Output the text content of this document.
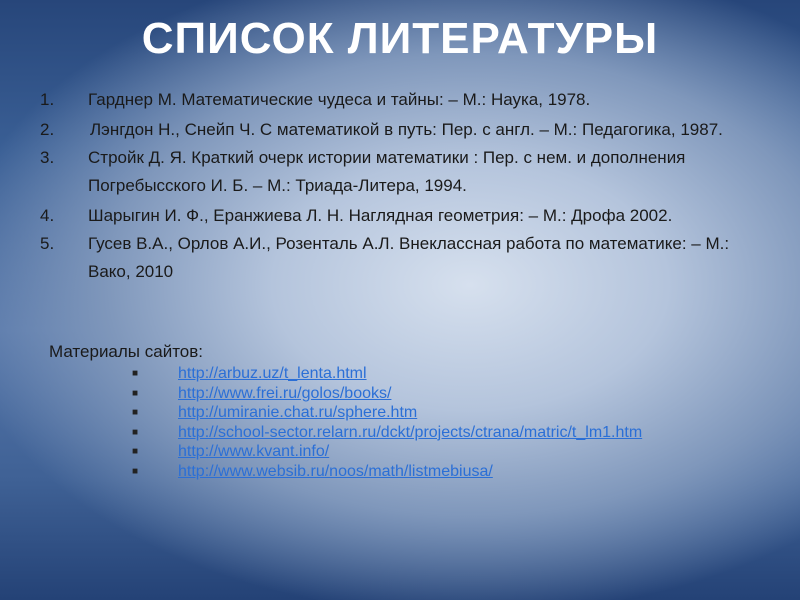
СПИСОК ЛИТЕРАТУРЫ
1. Гарднер М. Математические чудеса и тайны: – М.: Наука, 1978.
2. Лэнгдон Н., Снейп Ч. С математикой в путь: Пер. с англ. – М.: Педагогика, 1987.
3. Стройк Д. Я. Краткий очерк истории математики : Пер. с нем. и дополнения Погребысского И. Б. – М.: Триада-Литера, 1994.
4. Шарыгин И. Ф., Еранжиева Л. Н. Наглядная геометрия: – М.: Дрофа 2002.
5. Гусев В.А., Орлов А.И., Розенталь А.Л. Внеклассная работа по математике: – М.: Вако, 2010
Материалы сайтов:
■ http://arbuz.uz/t_lenta.html
■ http://www.frei.ru/golos/books/
■ http://umiranie.chat.ru/sphere.htm
■ http://school-sector.relarn.ru/dckt/projects/ctrana/matric/t_lm1.htm
■ http://www.kvant.info/
■ http://www.websib.ru/noos/math/listmebiusa/
